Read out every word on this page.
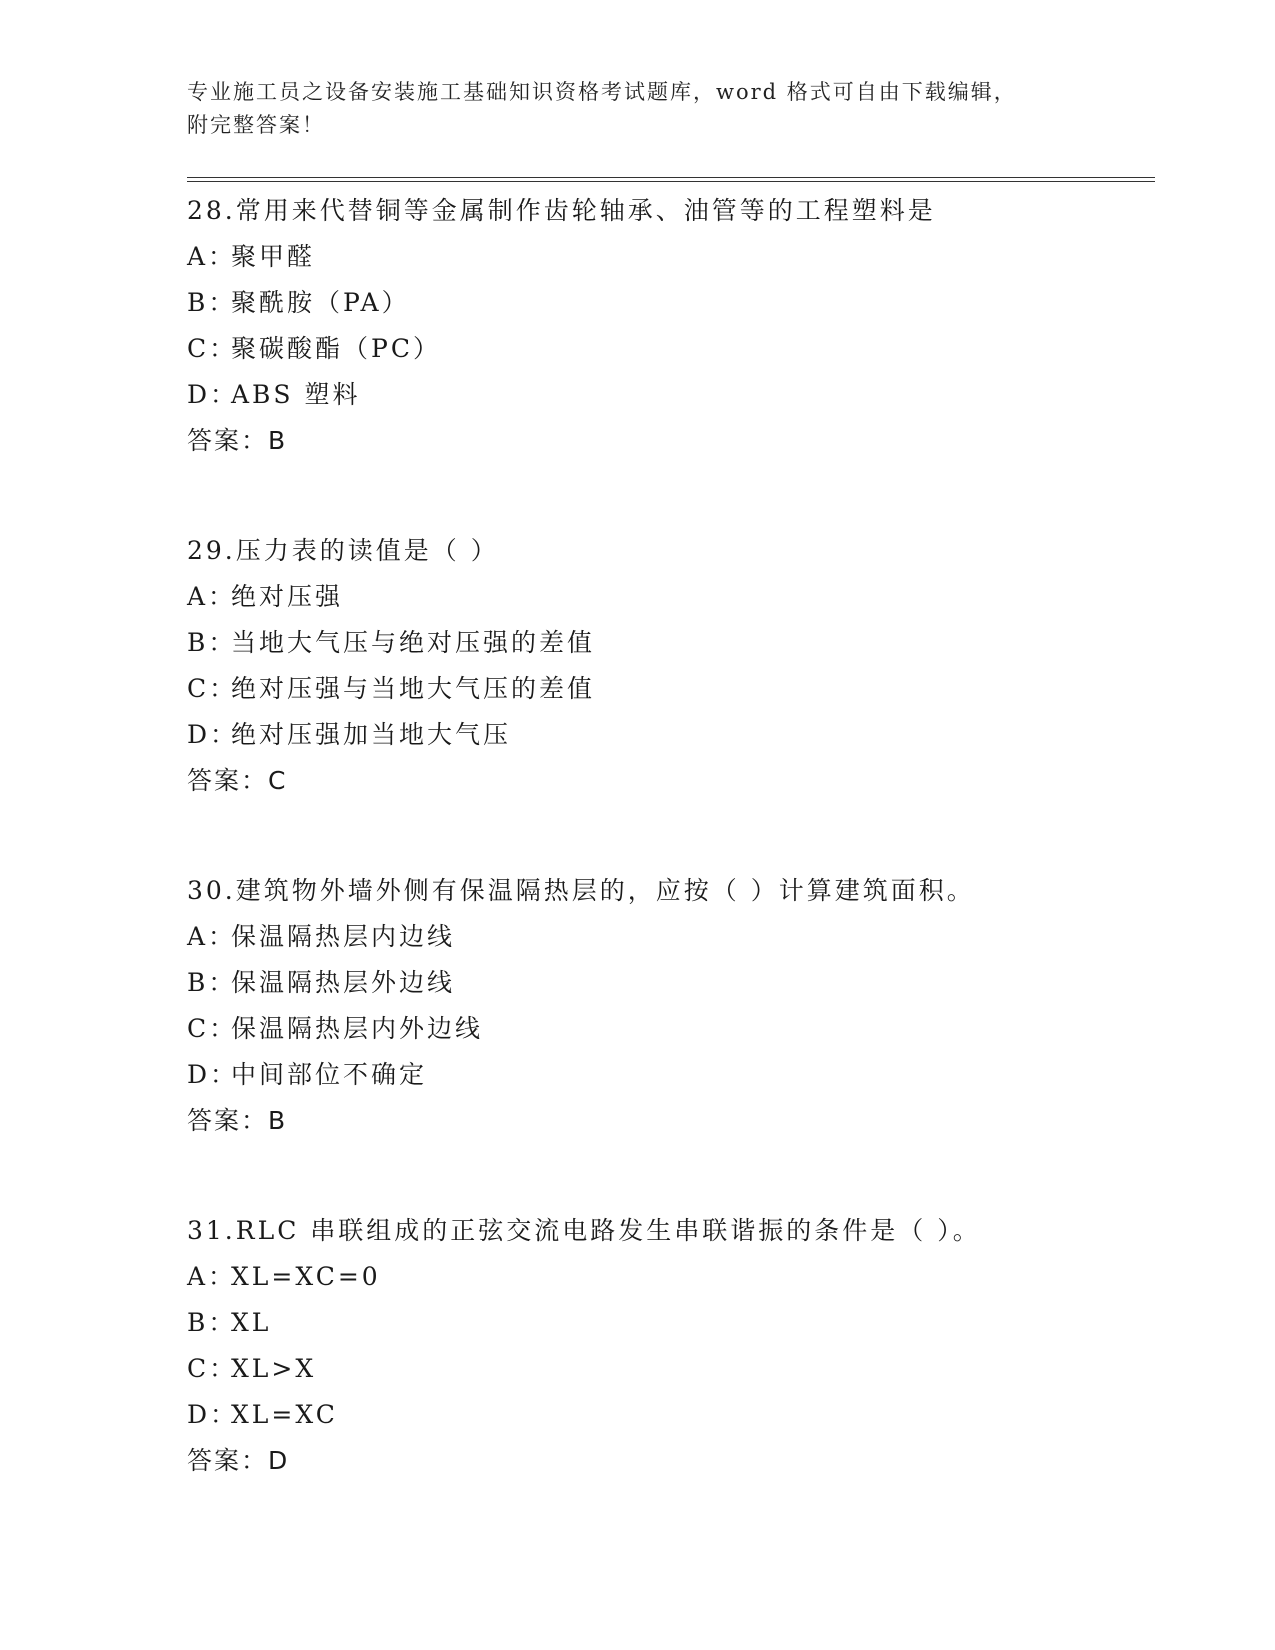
专业施工员之设备安装施工基础知识资格考试题库，word 格式可自由下载编辑，
附完整答案！
28.常用来代替铜等金属制作齿轮轴承、油管等的工程塑料是
A：聚甲醛
B：聚酰胺（PA）
C：聚碳酸酯（PC）
D：ABS 塑料
答案：B
29.压力表的读值是（ ）
A：绝对压强
B：当地大气压与绝对压强的差值
C：绝对压强与当地大气压的差值
D：绝对压强加当地大气压
答案：C
30.建筑物外墙外侧有保温隔热层的，应按（ ）计算建筑面积。
A：保温隔热层内边线
B：保温隔热层外边线
C：保温隔热层内外边线
D：中间部位不确定
答案：B
31.RLC 串联组成的正弦交流电路发生串联谐振的条件是（ ）。
A：XL=XC=0
B：XL
C：XL>X
D：XL=XC
答案：D
